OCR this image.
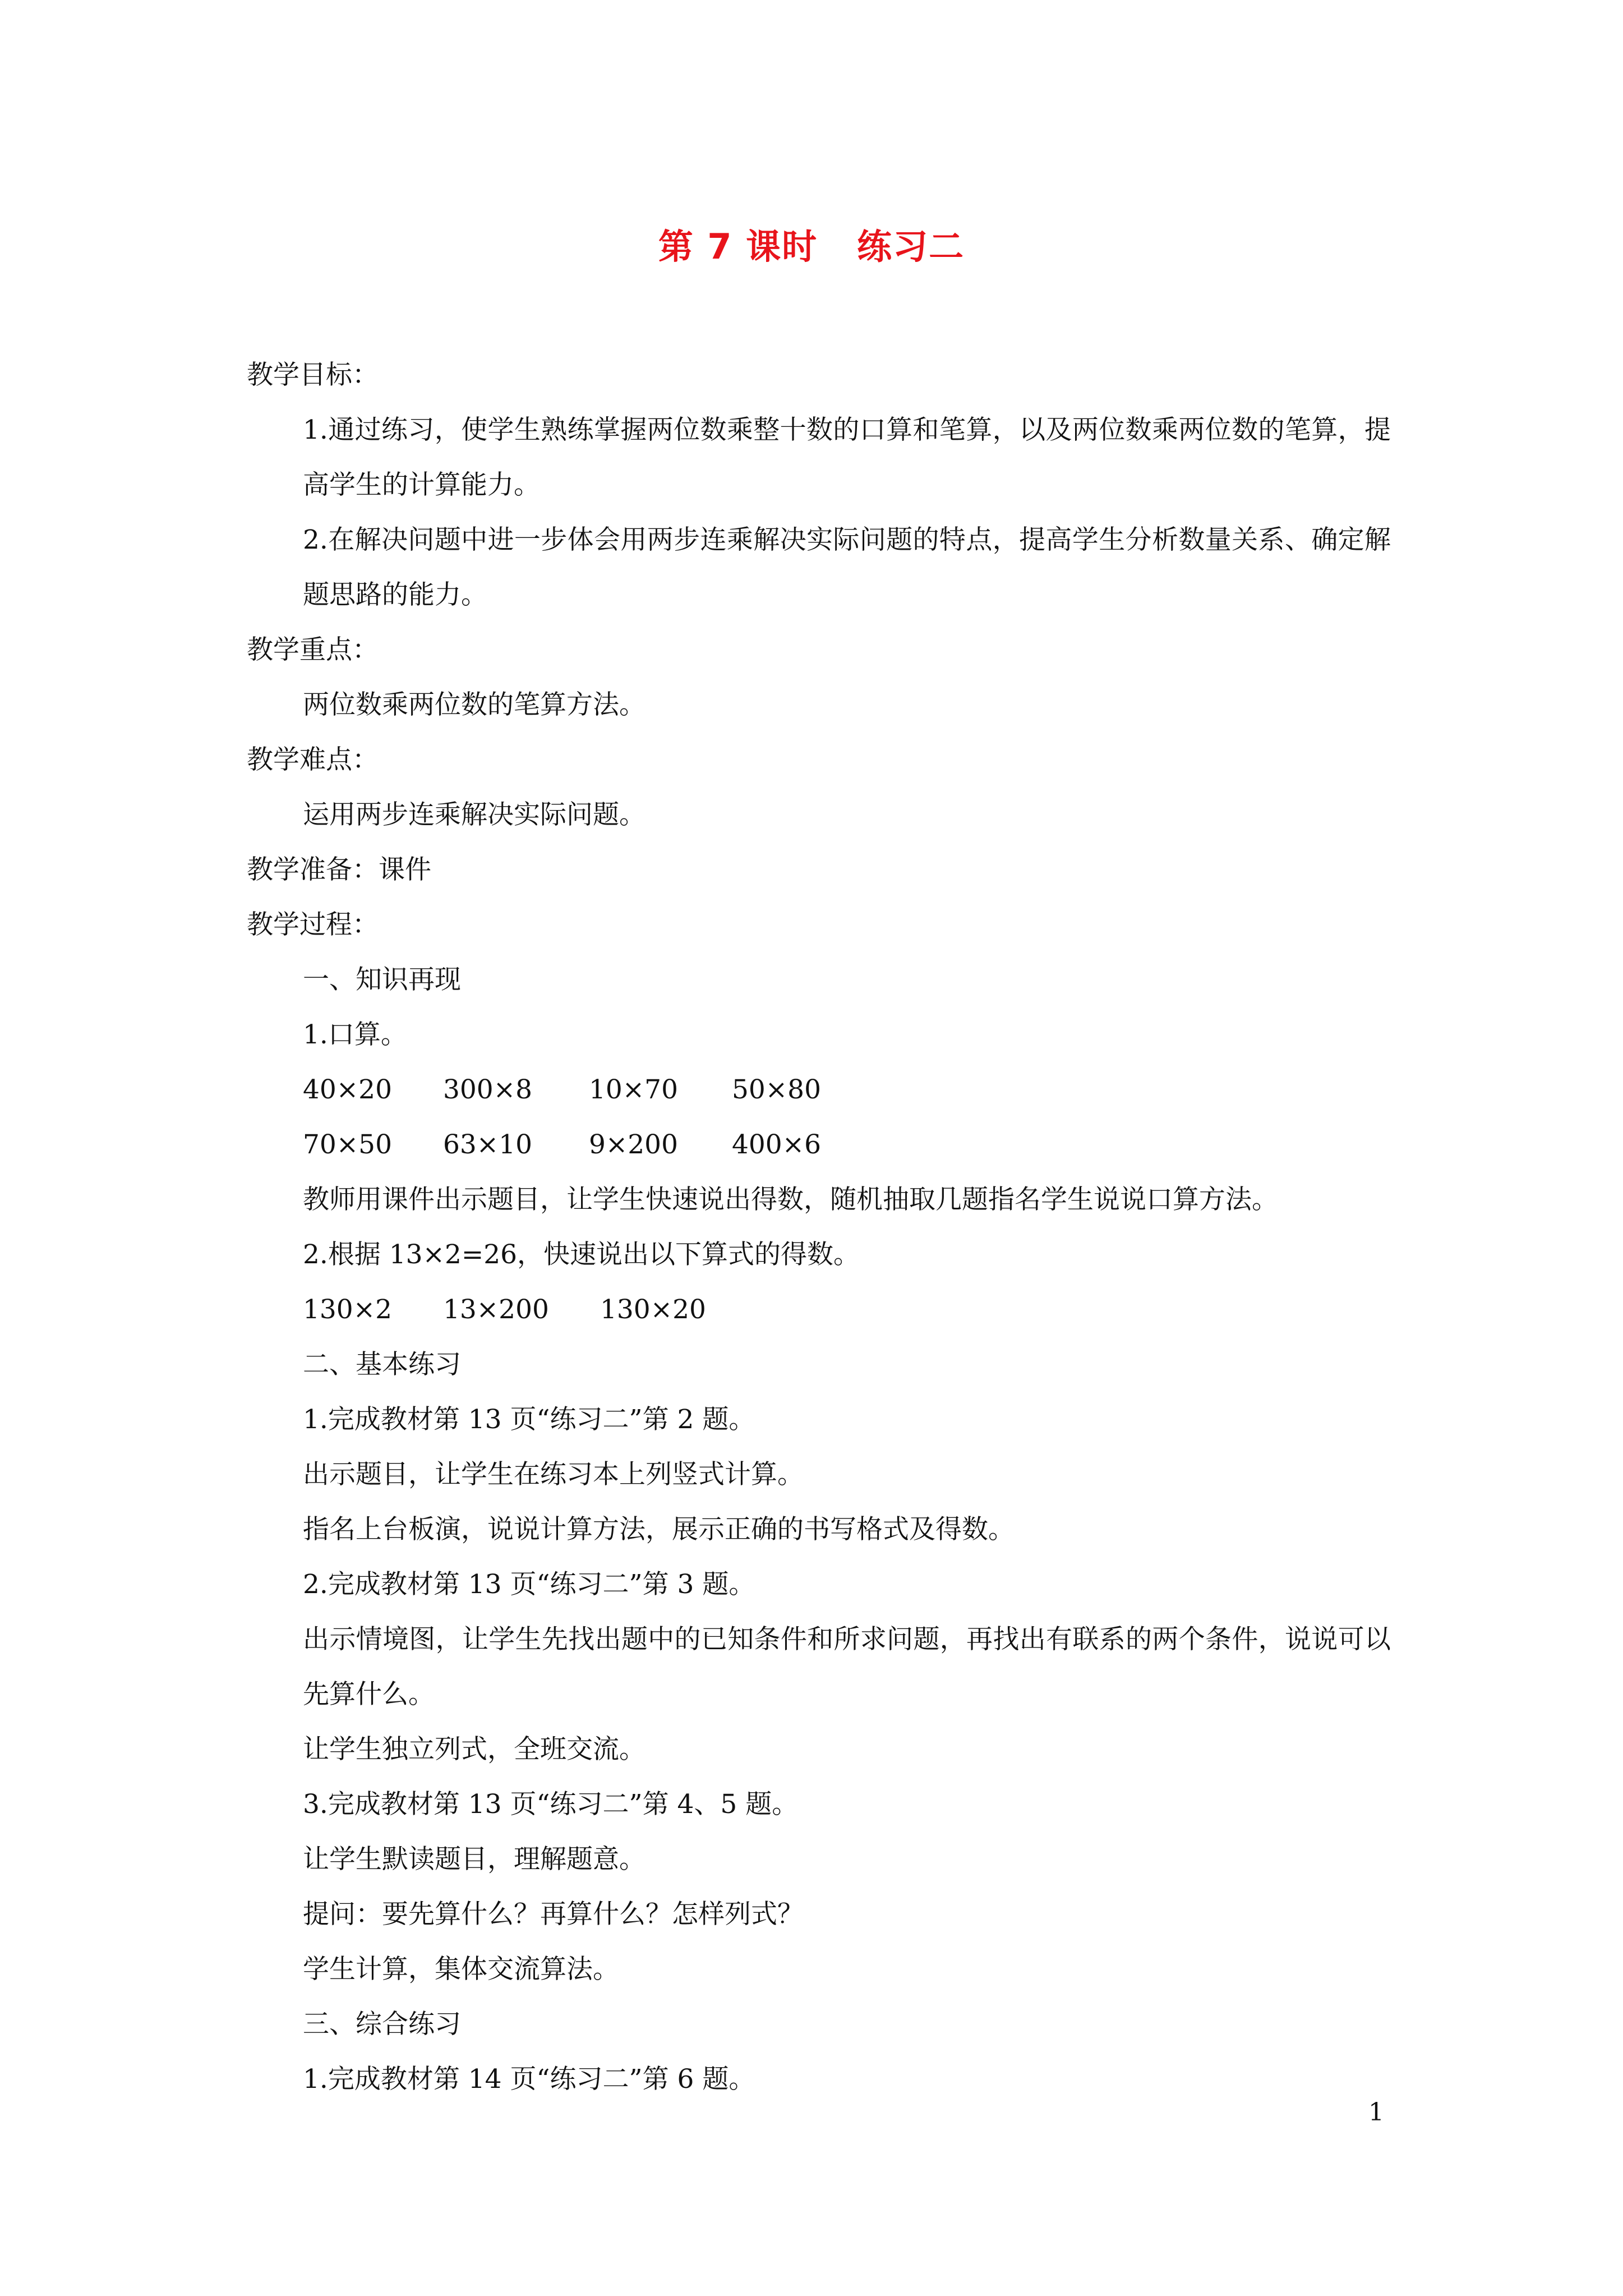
第 7 课时 练习二
教学目标：
1.通过练习，使学生熟练掌握两位数乘整十数的口算和笔算，以及两位数乘两位数的笔算，提高学生的计算能力。
2.在解决问题中进一步体会用两步连乘解决实际问题的特点，提高学生分析数量关系、确定解题思路的能力。
教学重点：
两位数乘两位数的笔算方法。
教学难点：
运用两步连乘解决实际问题。
教学准备：课件
教学过程：
一、知识再现
1.口算。
40×20 300×8 10×70 50×80
70×50 63×10 9×200 400×6
教师用课件出示题目，让学生快速说出得数，随机抽取几题指名学生说说口算方法。
2.根据 13×2=26，快速说出以下算式的得数。
130×2 13×200 130×20
二、基本练习
1.完成教材第 13 页“练习二”第 2 题。
出示题目，让学生在练习本上列竖式计算。
指名上台板演，说说计算方法，展示正确的书写格式及得数。
2.完成教材第 13 页“练习二”第 3 题。
出示情境图，让学生先找出题中的已知条件和所求问题，再找出有联系的两个条件，说说可以先算什么。
让学生独立列式，全班交流。
3.完成教材第 13 页“练习二”第 4、5 题。
让学生默读题目，理解题意。
提问：要先算什么？再算什么？怎样列式？
学生计算，集体交流算法。
三、综合练习
1.完成教材第 14 页“练习二”第 6 题。
1
